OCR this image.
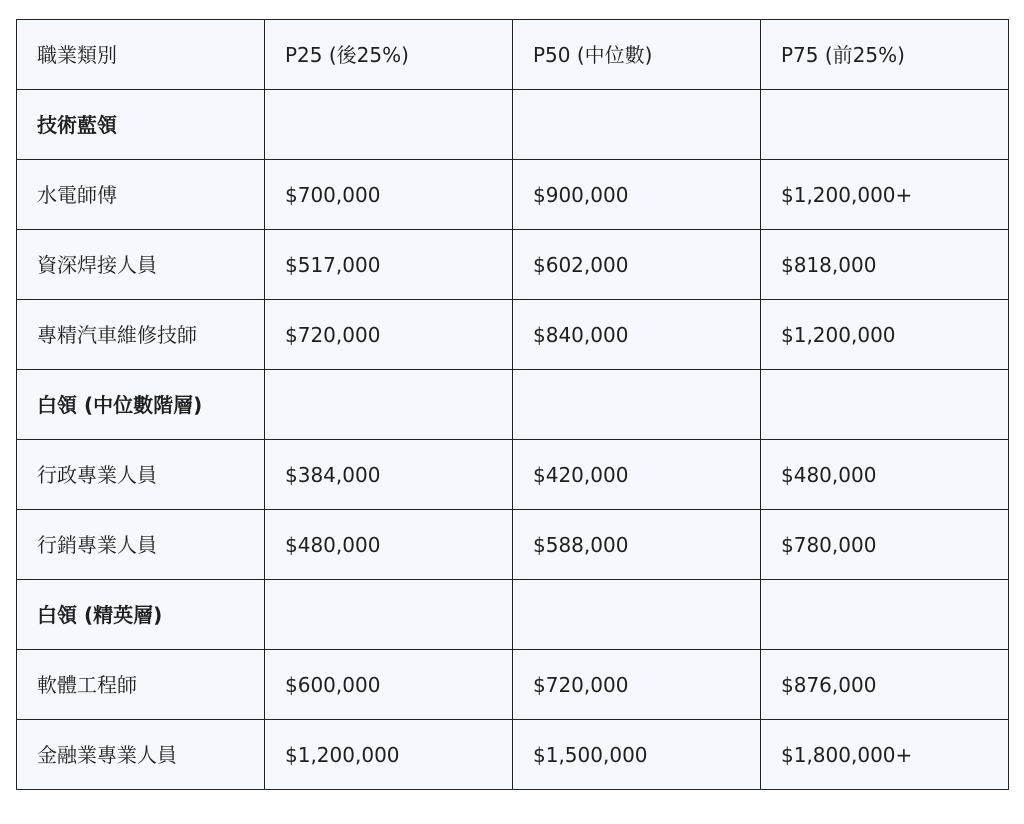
職業類別	P25 (後25%)	P50 (中位數)	P75 (前25%)
技術藍領			
水電師傅	$700,000	$900,000	$1,200,000+
資深焊接人員	$517,000	$602,000	$818,000
專精汽車維修技師	$720,000	$840,000	$1,200,000
白領 (中位數階層)			
行政專業人員	$384,000	$420,000	$480,000
行銷專業人員	$480,000	$588,000	$780,000
白領 (精英層)			
軟體工程師	$600,000	$720,000	$876,000
金融業專業人員	$1,200,000	$1,500,000	$1,800,000+
